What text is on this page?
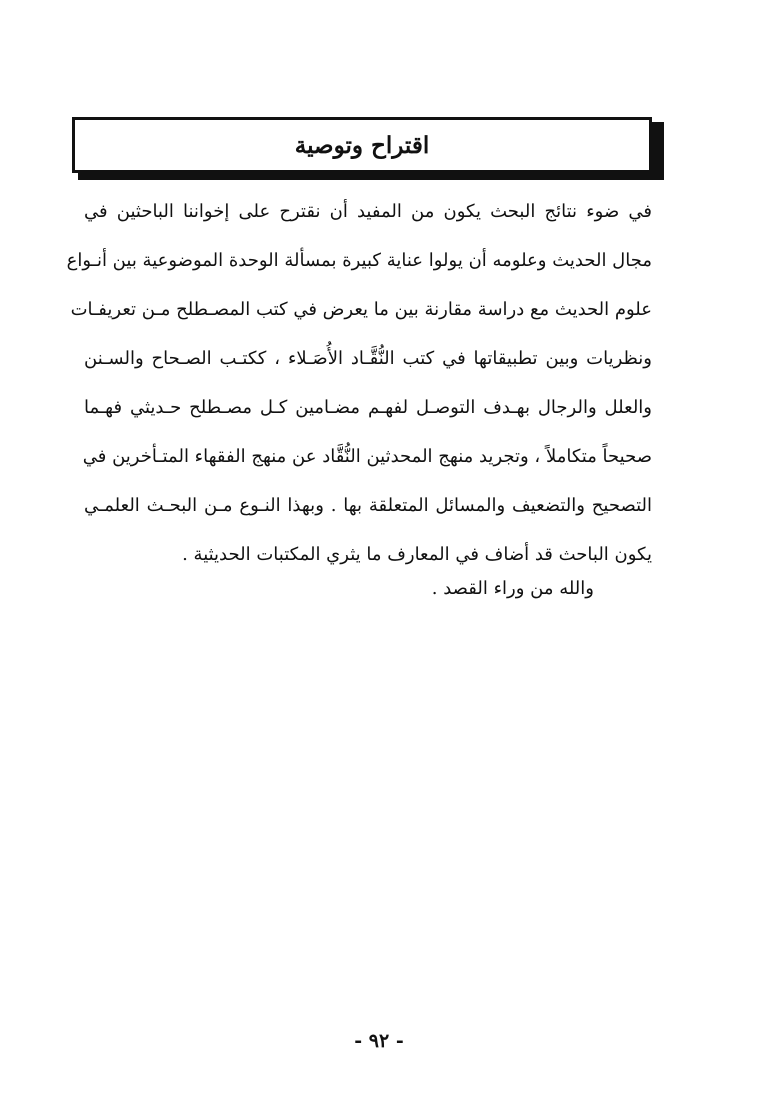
اقتراح وتوصية
في ضوء نتائج البحث يكون من المفيد أن نقترح على إخواننا الباحثين في
مجال الحديث وعلومه أن يولوا عناية كبيرة بمسألة الوحدة الموضوعية بين أنـواع
علوم الحديث مع دراسة مقارنة بين ما يعرض في كتب المصـطلح مـن تعريفـات
ونظريات وبين تطبيقاتها في كتب النُّقَّـاد الأُصَـلاء ، ككتـب الصـحاح والسـنن
والعلل والرجال بهـدف التوصـل لفهـم مضـامين كـل مصـطلح حـديثي فهـما
صحيحاً متكاملاً ، وتجريد منهج المحدثين النُّقَّاد عن منهج الفقهاء المتـأخرين في
التصحيح والتضعيف والمسائل المتعلقة بها . وبهذا النـوع مـن البحـث العلمـي
يكون الباحث قد أضاف في المعارف ما يثري المكتبات الحديثية .
والله من وراء القصد .
- ٩٢ -
